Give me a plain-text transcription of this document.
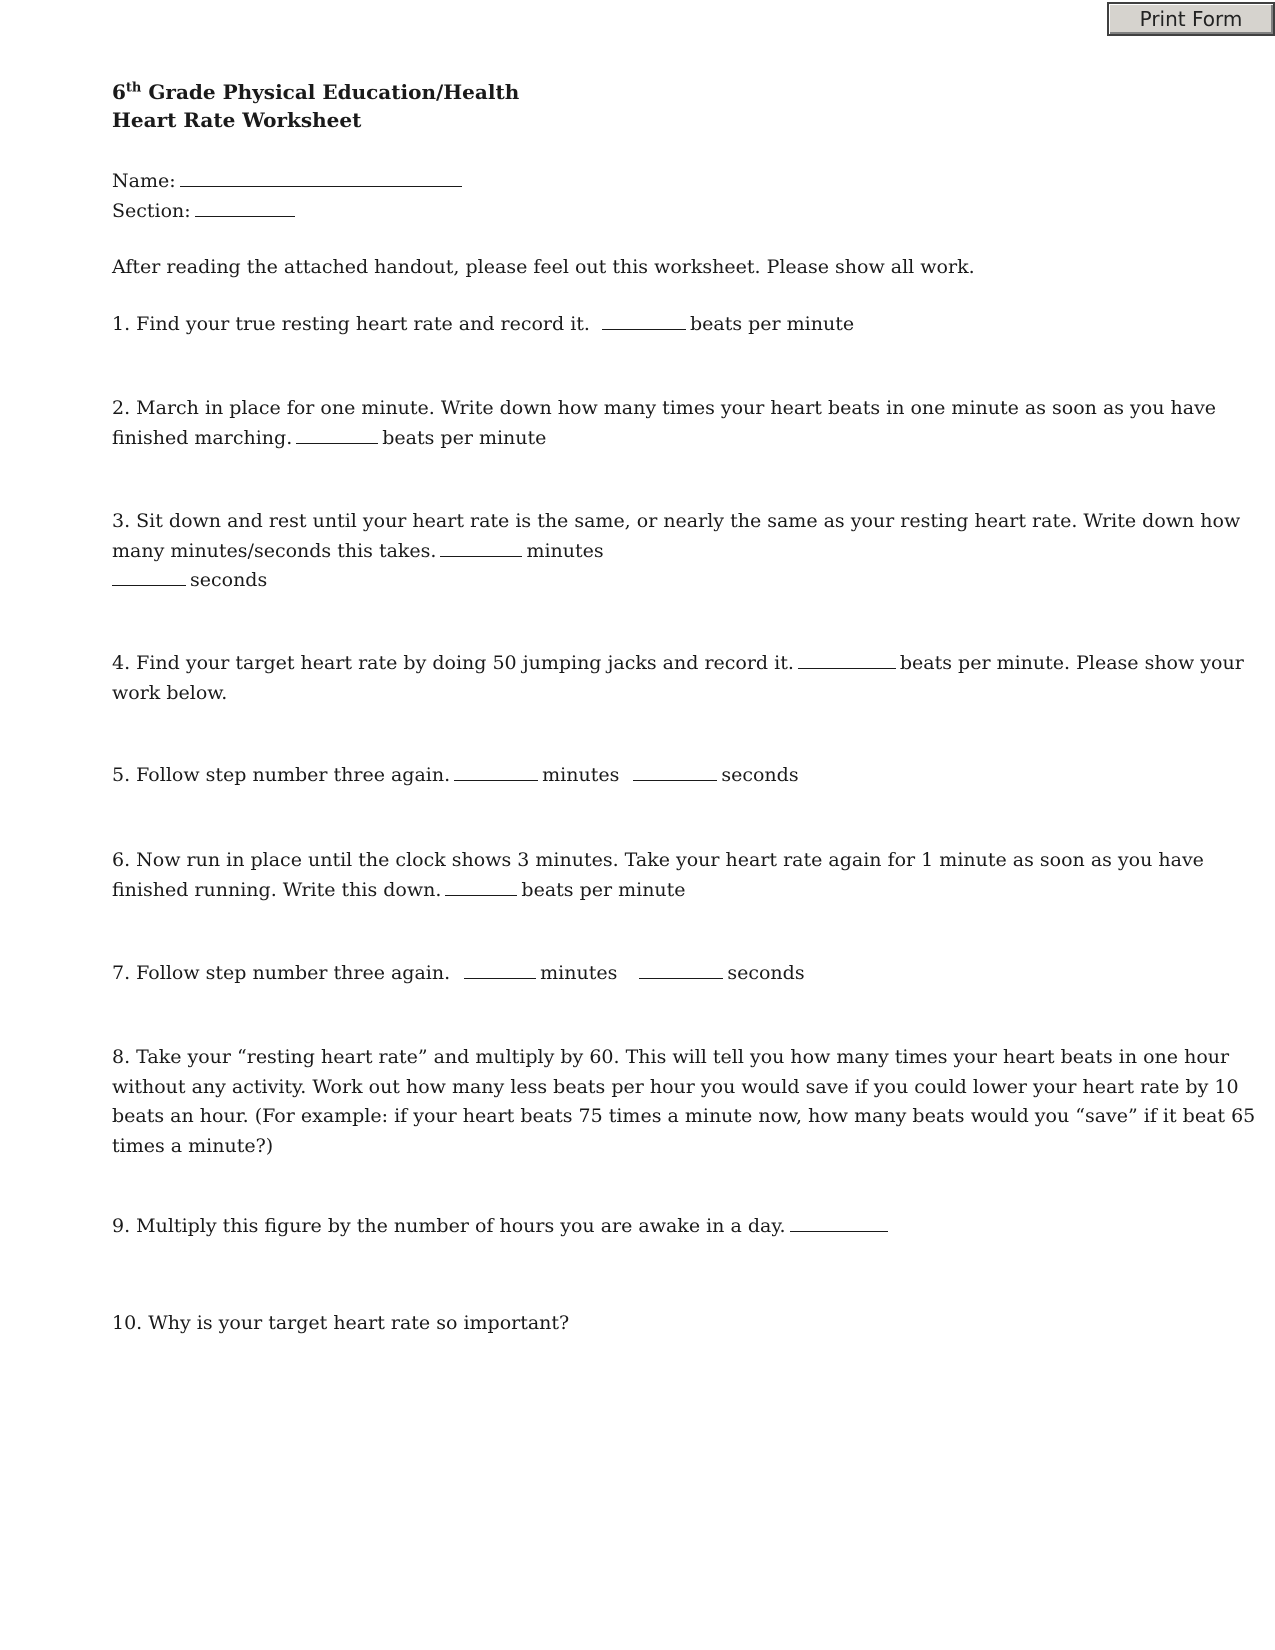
Print Form
6th Grade Physical Education/Health
Heart Rate Worksheet
Name:
Section:
After reading the attached handout, please feel out this worksheet. Please show all work.
1. Find your true resting heart rate and record it.	beats per minute
2. March in place for one minute. Write down how many times your heart beats in one minute as soon as you have
finished marching.	beats per minute
3. Sit down and rest until your heart rate is the same, or nearly the same as your resting heart rate. Write down how
many minutes/seconds this takes.	minutes
seconds
4. Find your target heart rate by doing 50 jumping jacks and record it.	beats per minute. Please show your
work below.
5. Follow step number three again.	minutes	seconds
6. Now run in place until the clock shows 3 minutes. Take your heart rate again for 1 minute as soon as you have
finished running. Write this down.	beats per minute
7. Follow step number three again.	minutes	seconds
8. Take your “resting heart rate” and multiply by 60. This will tell you how many times your heart beats in one hour
without any activity. Work out how many less beats per hour you would save if you could lower your heart rate by 10
beats an hour. (For example: if your heart beats 75 times a minute now, how many beats would you “save” if it beat 65
times a minute?)
9. Multiply this figure by the number of hours you are awake in a day.
10. Why is your target heart rate so important?
